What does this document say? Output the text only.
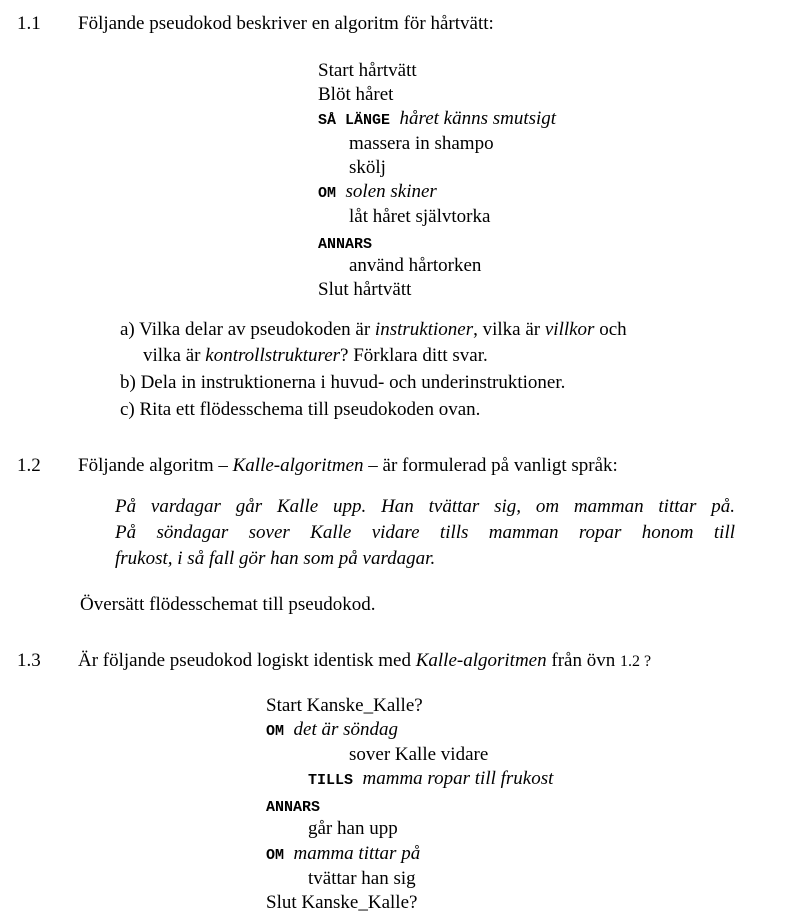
1.1 Följande pseudokod beskriver en algoritm för hårtvätt:
Start hårtvätt
Blöt håret
SÅ LÄNGE håret känns smutsigt
massera in shampo
skölj
OM solen skiner
låt håret självtorka
ANNARS
använd hårtorken
Slut hårtvätt
a) Vilka delar av pseudokoden är instruktioner, vilka är villkor och
vilka är kontrollstrukturer? Förklara ditt svar.
b) Dela in instruktionerna i huvud- och underinstruktioner.
c) Rita ett flödesschema till pseudokoden ovan.
1.2 Följande algoritm – Kalle-algoritmen – är formulerad på vanligt språk:
På vardagar går Kalle upp. Han tvättar sig, om mamman tittar på.
På söndagar sover Kalle vidare tills mamman ropar honom till
frukost, i så fall gör han som på vardagar.
Översätt flödesschemat till pseudokod.
1.3 Är följande pseudokod logiskt identisk med Kalle-algoritmen från övn 1.2 ?
Start Kanske_Kalle?
OM det är söndag
sover Kalle vidare
TILLS mamma ropar till frukost
ANNARS
går han upp
OM mamma tittar på
tvättar han sig
Slut Kanske_Kalle?
